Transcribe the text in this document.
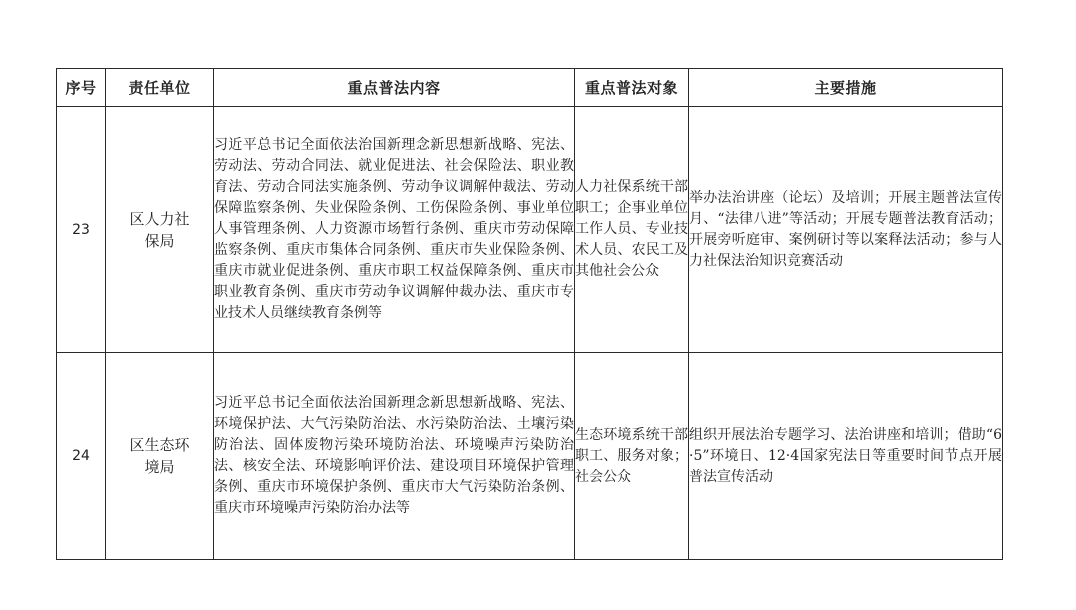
序号	责任单位	重点普法内容	重点普法对象	主要措施
23	区人力社保局	习近平总书记全面依法治国新理念新思想新战略、宪法、劳动法、劳动合同法、就业促进法、社会保险法、职业教育法、劳动合同法实施条例、劳动争议调解仲裁法、劳动保障监察条例、失业保险条例、工伤保险条例、事业单位人事管理条例、人力资源市场暂行条例、重庆市劳动保障监察条例、重庆市集体合同条例、重庆市失业保险条例、重庆市就业促进条例、重庆市职工权益保障条例、重庆市职业教育条例、重庆市劳动争议调解仲裁办法、重庆市专业技术人员继续教育条例等	人力社保系统干部职工；企事业单位工作人员、专业技术人员、农民工及其他社会公众	举办法治讲座（论坛）及培训；开展主题普法宣传月、“法律八进”等活动；开展专题普法教育活动；开展旁听庭审、案例研讨等以案释法活动；参与人力社保法治知识竞赛活动

24	区生态环境局	习近平总书记全面依法治国新理念新思想新战略、宪法、环境保护法、大气污染防治法、水污染防治法、土壤污染防治法、固体废物污染环境防治法、环境噪声污染防治法、核安全法、环境影响评价法、建设项目环境保护管理条例、重庆市环境保护条例、重庆市大气污染防治条例、重庆市环境噪声污染防治办法等	生态环境系统干部职工、服务对象；社会公众	组织开展法治专题学习、法治讲座和培训；借助“6·5”环境日、12·4国家宪法日等重要时间节点开展普法宣传活动
